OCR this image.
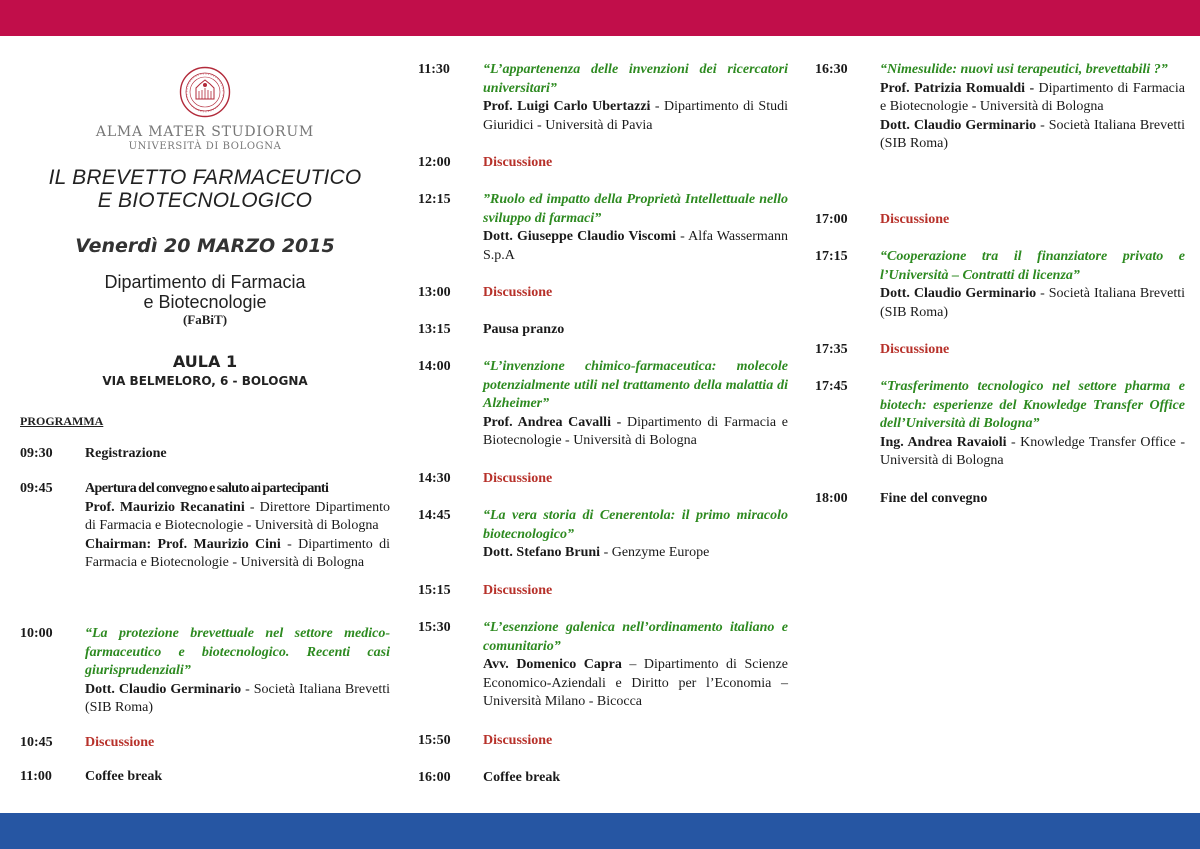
ALMA MATER STUDIORUM
UNIVERSITÀ DI BOLOGNA
IL BREVETTO FARMACEUTICO
E BIOTECNOLOGICO
Venerdì 20 MARZO 2015
Dipartimento di Farmacia
e Biotecnologie
(FaBiT)
AULA 1
VIA BELMELORO, 6 - BOLOGNA
PROGRAMMA
09:30	Registrazione
09:45	Apertura del convegno e saluto ai partecipanti
Prof. Maurizio Recanatini - Direttore Dipartimento di Farmacia e Biotecnologie - Università di Bologna
Chairman: Prof. Maurizio Cini - Dipartimento di Farmacia e Biotecnologie - Università di Bologna
10:00	“La protezione brevettuale nel settore medico-farmaceutico e biotecnologico. Recenti casi giurisprudenziali”
Dott. Claudio Germinario - Società Italiana Brevetti (SIB Roma)
10:45	Discussione
11:00	Coffee break
11:30	“L’appartenenza delle invenzioni dei ricercatori universitari”
Prof. Luigi Carlo Ubertazzi - Dipartimento di Studi Giuridici - Università di Pavia
12:00	Discussione
12:15	”Ruolo ed impatto della Proprietà Intellettuale nello sviluppo di farmaci”
Dott. Giuseppe Claudio Viscomi - Alfa Wassermann S.p.A
13:00	Discussione
13:15	Pausa pranzo
14:00	“L’invenzione chimico-farmaceutica: molecole potenzialmente utili nel trattamento della malattia di Alzheimer”
Prof. Andrea Cavalli - Dipartimento di Farmacia e Biotecnologie - Università di Bologna
14:30	Discussione
14:45	“La vera storia di Cenerentola: il primo miracolo biotecnologico”
Dott. Stefano Bruni - Genzyme Europe
15:15	Discussione
15:30	“L’esenzione galenica nell’ordinamento italiano e comunitario”
Avv. Domenico Capra – Dipartimento di Scienze Economico-Aziendali e Diritto per l’Economia – Università Milano - Bicocca
15:50	Discussione
16:00	Coffee break
16:30	“Nimesulide: nuovi usi terapeutici, brevettabili ?”
Prof. Patrizia Romualdi - Dipartimento di Farmacia e Biotecnologie - Università di Bologna
Dott. Claudio Germinario - Società Italiana Brevetti (SIB Roma)
17:00	Discussione
17:15	“Cooperazione tra il finanziatore privato e l’Università – Contratti di licenza”
Dott. Claudio Germinario - Società Italiana Brevetti (SIB Roma)
17:35	Discussione
17:45	“Trasferimento tecnologico nel settore pharma e biotech: esperienze del Knowledge Transfer Office dell’Università di Bologna”
Ing. Andrea Ravaioli - Knowledge Transfer Office - Università di Bologna
18:00	Fine del convegno
